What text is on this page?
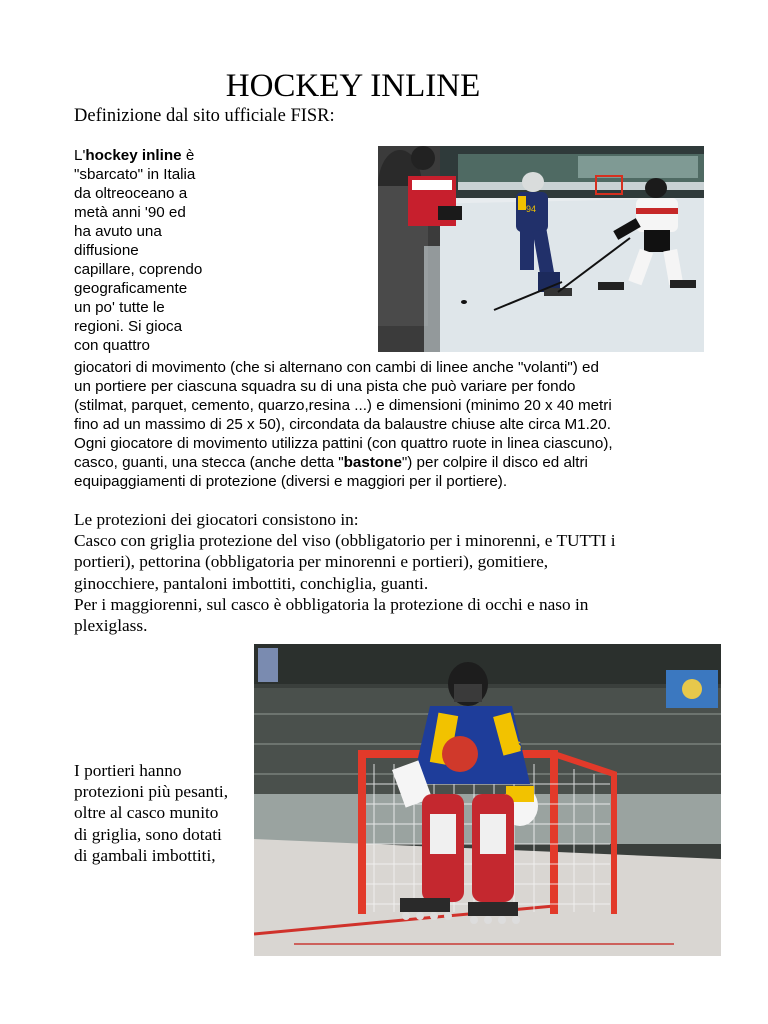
HOCKEY INLINE
Definizione dal sito ufficiale FISR:
94
L'hockey inline è
"sbarcato" in Italia
da oltreoceano a
metà anni '90 ed
ha avuto una
diffusione
capillare, coprendo
geograficamente
un po' tutte le
regioni. Si gioca
con quattro
giocatori di movimento (che si alternano con cambi di linee anche "volanti") ed
un portiere per ciascuna squadra su di una pista che può variare per fondo
(stilmat, parquet, cemento, quarzo,resina ...) e dimensioni (minimo 20 x 40 metri
fino ad un massimo di 25 x 50), circondata da balaustre chiuse alte circa M1.20.
Ogni giocatore di movimento utilizza pattini (con quattro ruote in linea ciascuno),
casco, guanti, una stecca (anche detta "bastone") per colpire il disco ed altri
equipaggiamenti di protezione (diversi e maggiori per il portiere).
Le protezioni dei giocatori consistono in:
Casco con griglia protezione del viso (obbligatorio per i minorenni, e TUTTI i
portieri), pettorina (obbligatoria per minorenni e portieri), gomitiere,
ginocchiere, pantaloni imbottiti, conchiglia, guanti.
Per i maggiorenni, sul casco è obbligatoria la protezione di occhi e naso in
plexiglass.
46
I portieri hanno
protezioni più pesanti,
oltre al casco munito
di griglia, sono dotati
di gambali imbottiti,
